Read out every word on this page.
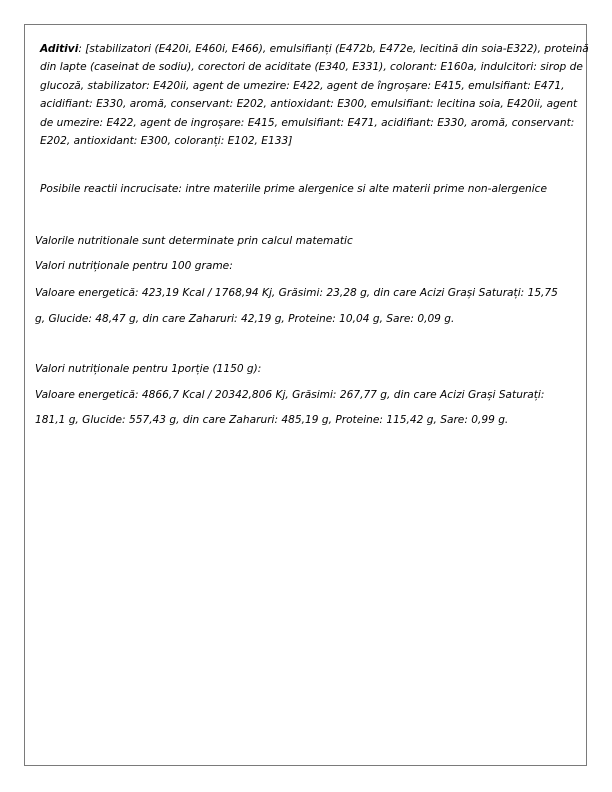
Aditivi: [stabilizatori (E420i, E460i, E466), emulsifianți (E472b, E472e, lecitină din soia-E322), proteină
din lapte (caseinat de sodiu), corectori de aciditate (E340, E331), colorant: E160a, indulcitori: sirop de
glucoză, stabilizator: E420ii, agent de umezire: E422, agent de îngroșare: E415, emulsifiant: E471,
acidifiant: E330, aromă, conservant: E202, antioxidant: E300, emulsifiant: lecitina soia, E420ii, agent
de umezire: E422, agent de ingroșare: E415, emulsifiant: E471, acidifiant: E330, aromă, conservant:
E202, antioxidant: E300, coloranți: E102, E133]

Posibile reactii incrucisate: intre materiile prime alergenice si alte materii prime non-alergenice

Valorile nutritionale sunt determinate prin calcul matematic

Valori nutriționale pentru 100 grame:

Valoare energetică: 423,19 Kcal / 1768,94 Kj, Grăsimi: 23,28 g, din care Acizi Grași Saturați: 15,75

g, Glucide: 48,47 g, din care Zaharuri: 42,19 g, Proteine: 10,04 g, Sare: 0,09 g.

Valori nutriționale pentru 1porție (1150 g):

Valoare energetică: 4866,7 Kcal / 20342,806 Kj, Grăsimi: 267,77 g, din care Acizi Grași Saturați:

181,1 g, Glucide: 557,43 g, din care Zaharuri: 485,19 g, Proteine: 115,42 g, Sare: 0,99 g.
